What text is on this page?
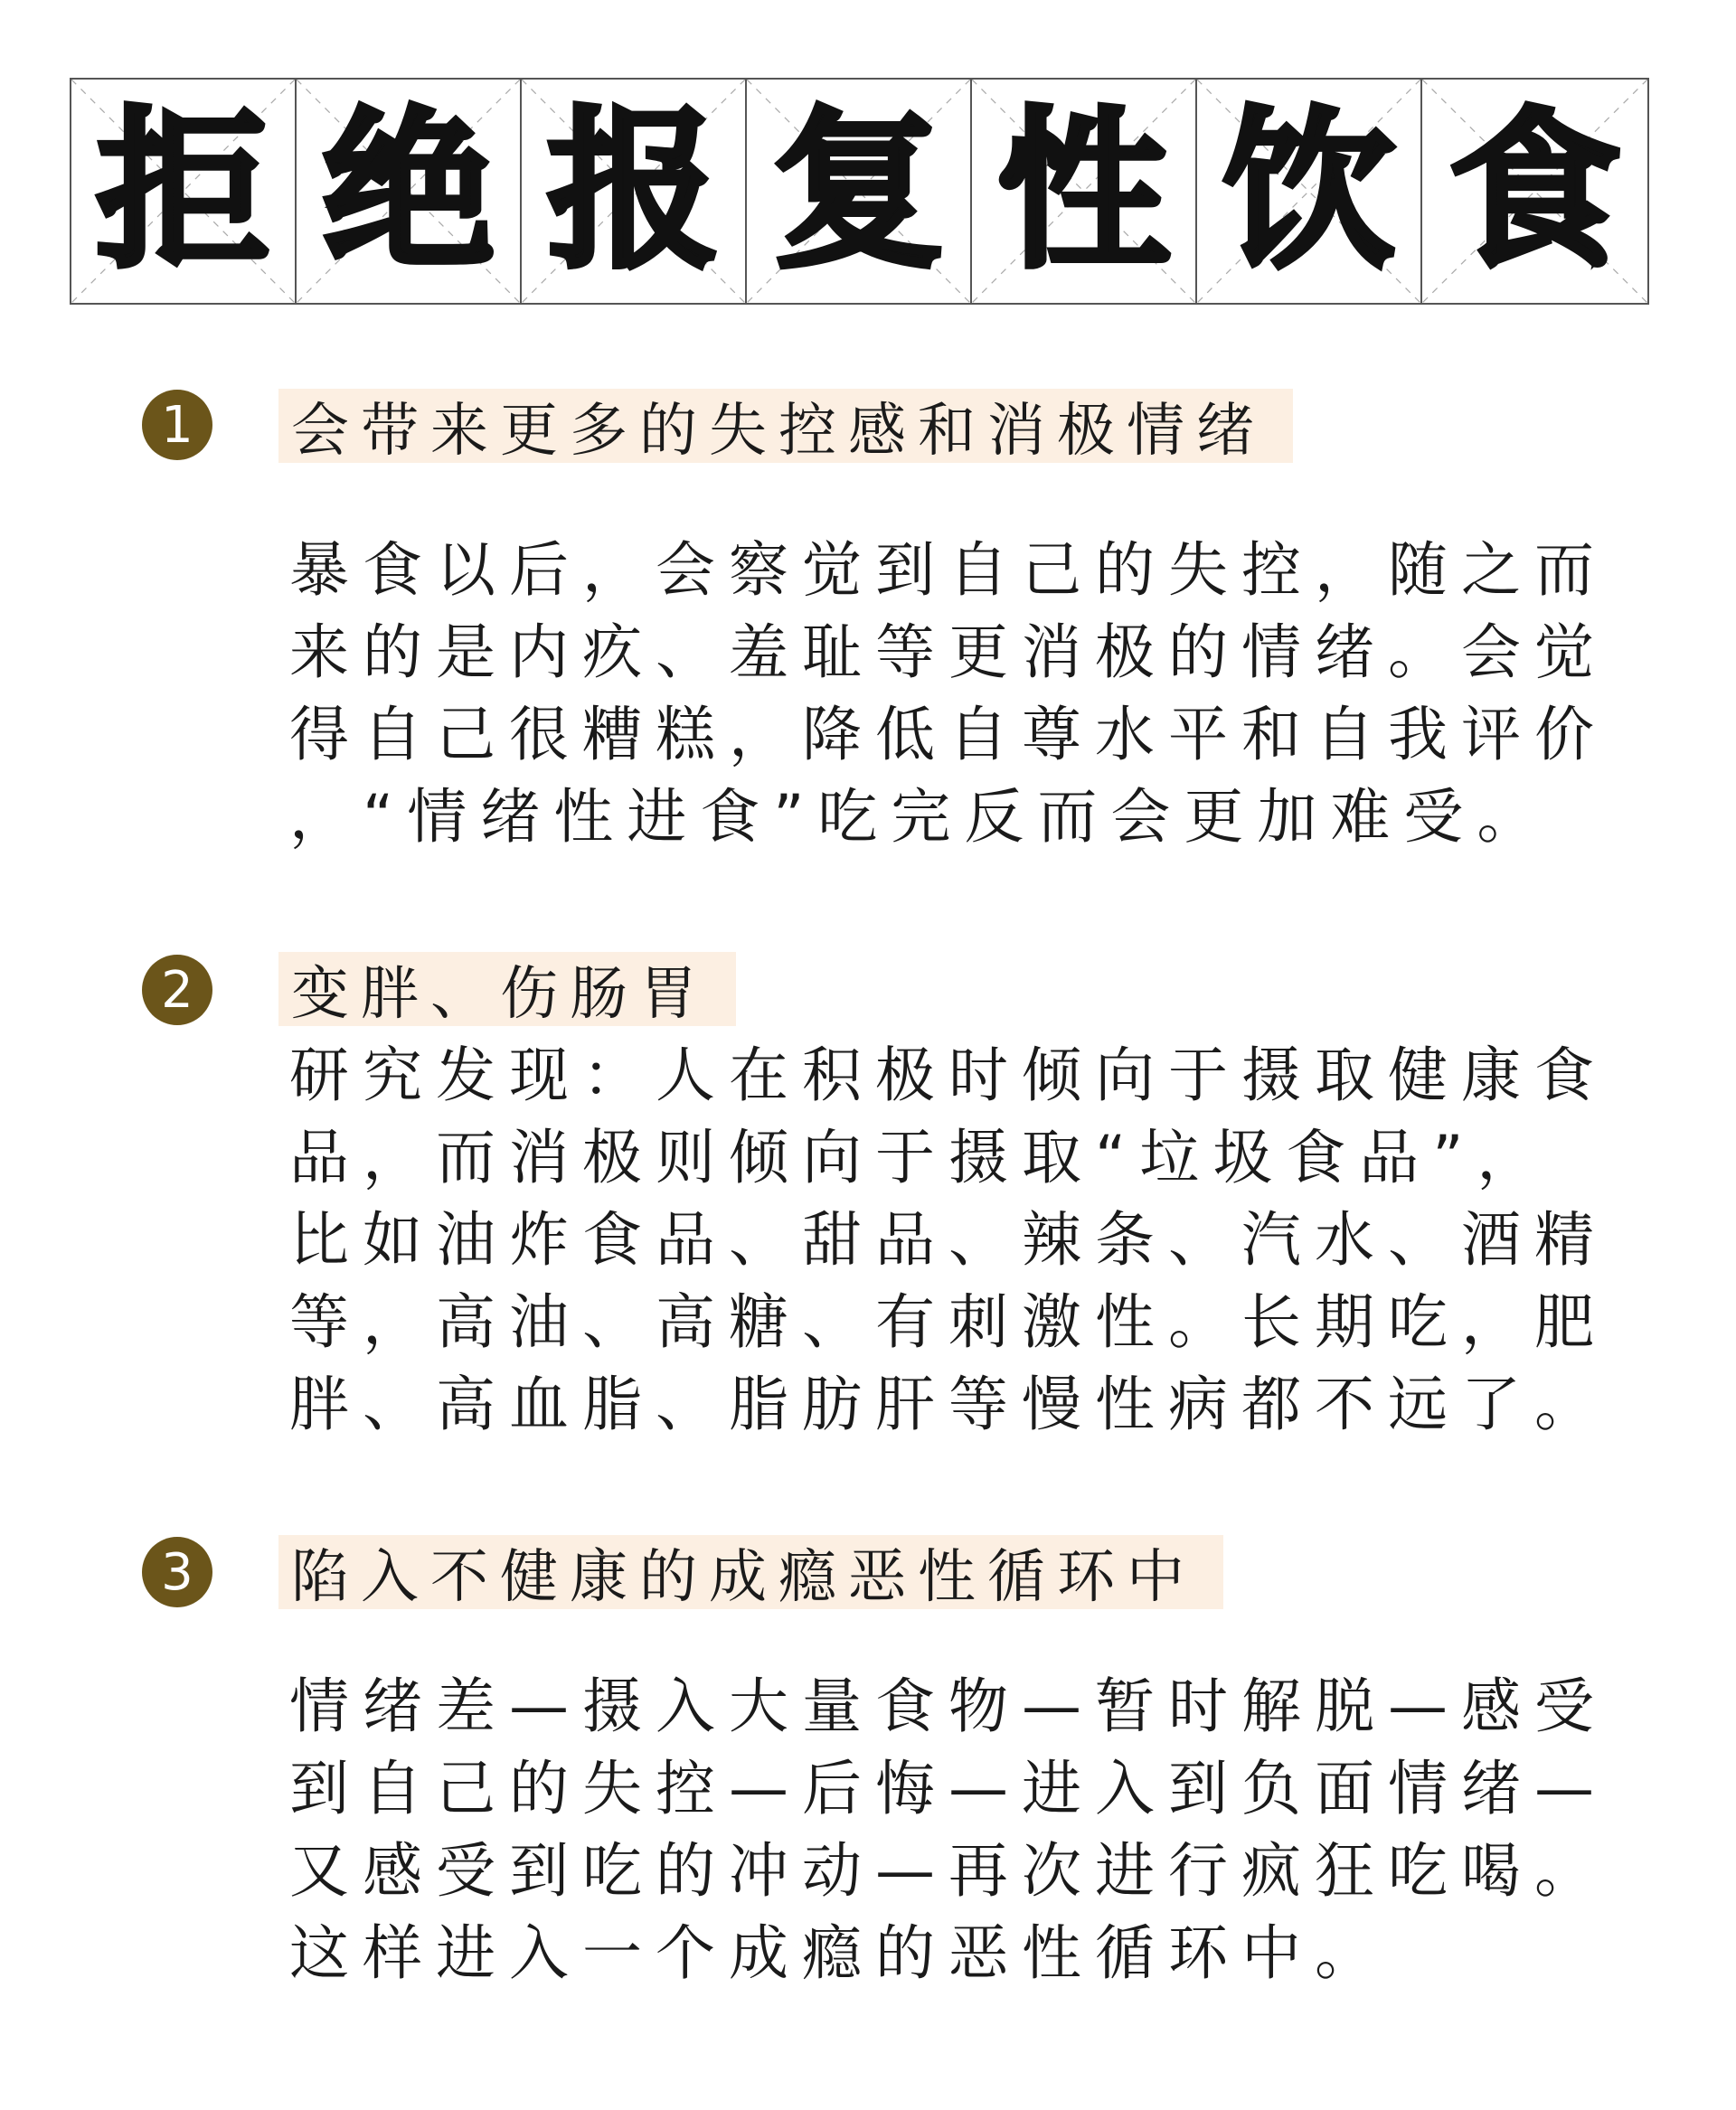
拒 绝 报 复 性 饮 食
1	会带来更多的失控感和消极情绪
暴食以后，会察觉到自己的失控，随之而
来的是内疚、羞耻等更消极的情绪。会觉
得自己很糟糕，降低自尊水平和自我评价
，“情绪性进食”吃完反而会更加难受。
2	变胖、伤肠胃
研究发现：人在积极时倾向于摄取健康食
品，而消极则倾向于摄取“垃圾食品”，
比如油炸食品、甜品、辣条、汽水、酒精
等，高油、高糖、有刺激性。长期吃，肥
胖、高血脂、脂肪肝等慢性病都不远了。
3	陷入不健康的成瘾恶性循环中
情绪差—摄入大量食物—暂时解脱—感受
到自己的失控—后悔—进入到负面情绪—
又感受到吃的冲动—再次进行疯狂吃喝。
这样进入一个成瘾的恶性循环中。
